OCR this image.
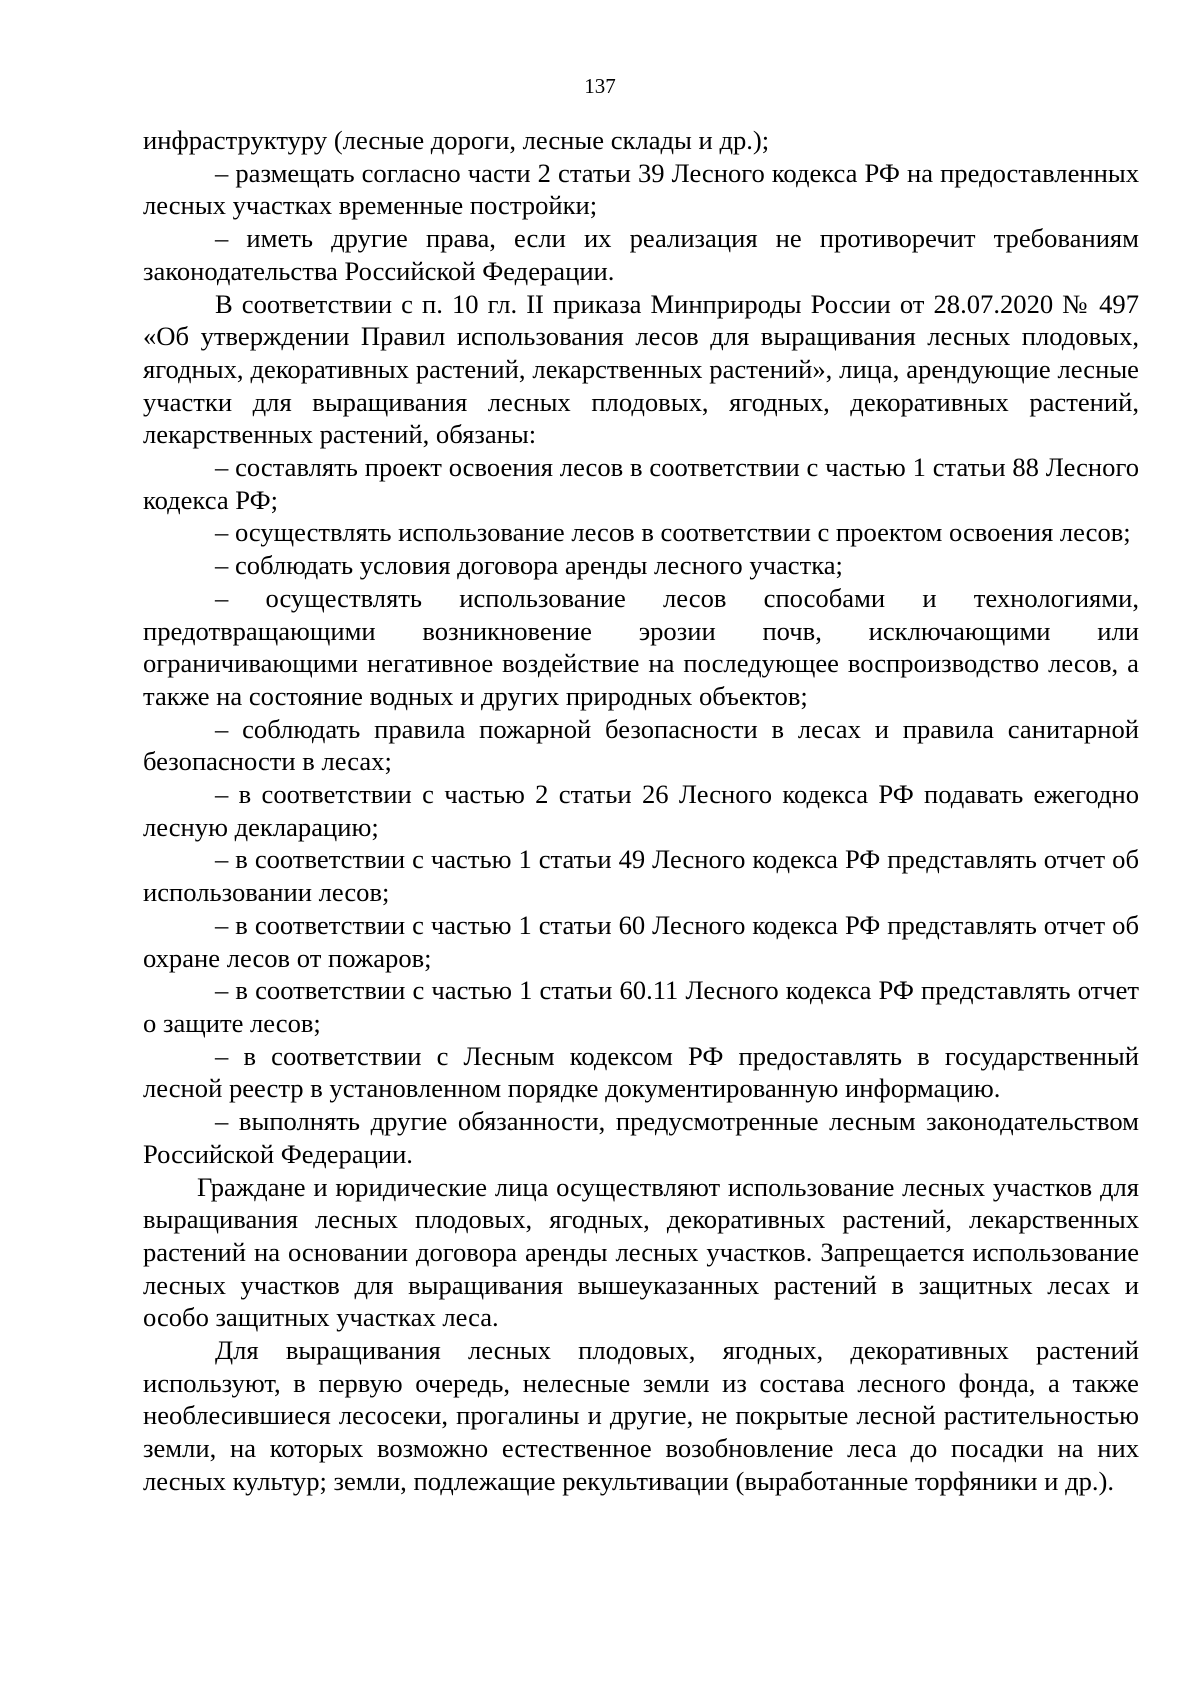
137

инфраструктуру (лесные дороги, лесные склады и др.);

– размещать согласно части 2 статьи 39 Лесного кодекса РФ на предоставленных лесных участках временные постройки;

– иметь другие права, если их реализация не противоречит требованиям законодательства Российской Федерации.

В соответствии с п. 10 гл. II приказа Минприроды России от 28.07.2020 № 497 «Об утверждении Правил использования лесов для выращивания лесных плодовых, ягодных, декоративных растений, лекарственных растений», лица, арендующие лесные участки для выращивания лесных плодовых, ягодных, декоративных растений, лекарственных растений, обязаны:

– составлять проект освоения лесов в соответствии с частью 1 статьи 88 Лесного кодекса РФ;

– осуществлять использование лесов в соответствии с проектом освоения лесов;

– соблюдать условия договора аренды лесного участка;

– осуществлять использование лесов способами и технологиями, предотвращающими возникновение эрозии почв, исключающими или ограничивающими негативное воздействие на последующее воспроизводство лесов, а также на состояние водных и других природных объектов;

– соблюдать правила пожарной безопасности в лесах и правила санитарной безопасности в лесах;

– в соответствии с частью 2 статьи 26 Лесного кодекса РФ подавать ежегодно лесную декларацию;

– в соответствии с частью 1 статьи 49 Лесного кодекса РФ представлять отчет об использовании лесов;

– в соответствии с частью 1 статьи 60 Лесного кодекса РФ представлять отчет об охране лесов от пожаров;

– в соответствии с частью 1 статьи 60.11 Лесного кодекса РФ представлять отчет о защите лесов;

– в соответствии с Лесным кодексом РФ предоставлять в государственный лесной реестр в установленном порядке документированную информацию.

– выполнять другие обязанности, предусмотренные лесным законодательством Российской Федерации.

Граждане и юридические лица осуществляют использование лесных участков для выращивания лесных плодовых, ягодных, декоративных растений, лекарственных растений на основании договора аренды лесных участков. Запрещается использование лесных участков для выращивания вышеуказанных растений в защитных лесах и особо защитных участках леса.

Для выращивания лесных плодовых, ягодных, декоративных растений используют, в первую очередь, нелесные земли из состава лесного фонда, а также необлесившиеся лесосеки, прогалины и другие, не покрытые лесной растительностью земли, на которых возможно естественное возобновление леса до посадки на них лесных культур; земли, подлежащие рекультивации (выработанные торфяники и др.).
